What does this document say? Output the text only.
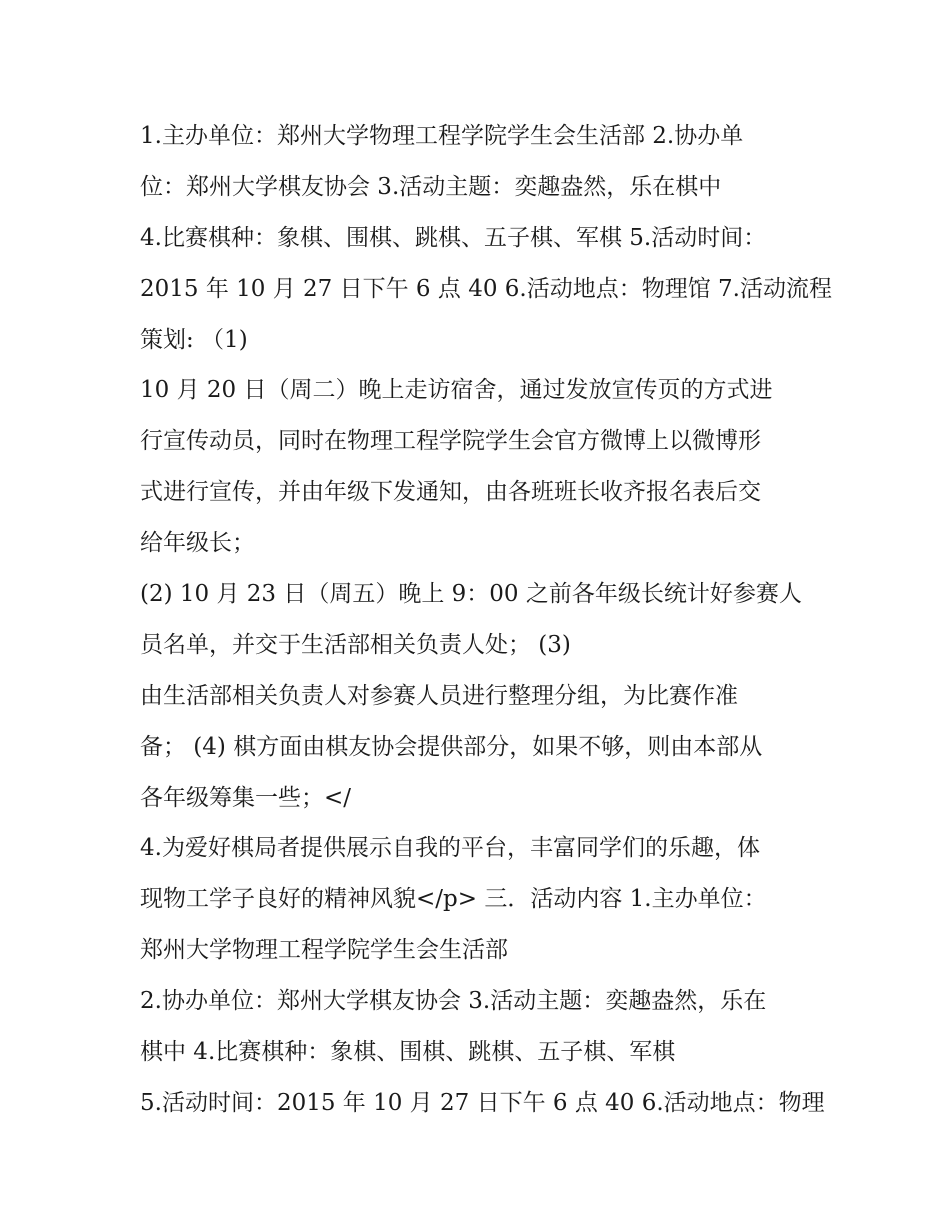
1.主办单位：郑州大学物理工程学院学生会生活部 2.协办单
位：郑州大学棋友协会 3.活动主题：奕趣盎然，乐在棋中
4.比赛棋种：象棋、围棋、跳棋、五子棋、军棋 5.活动时间：
2015 年 10 月 27 日下午 6 点 40 6.活动地点：物理馆 7.活动流程
策划: （1)
10 月 20 日（周二）晚上走访宿舍，通过发放宣传页的方式进
行宣传动员，同时在物理工程学院学生会官方微博上以微博形
式进行宣传，并由年级下发通知，由各班班长收齐报名表后交
给年级长；
(2) 10 月 23 日（周五）晚上 9：00 之前各年级长统计好参赛人
员名单，并交于生活部相关负责人处； (3)
由生活部相关负责人对参赛人员进行整理分组，为比赛作准
备； (4) 棋方面由棋友协会提供部分，如果不够，则由本部从
各年级筹集一些；</
4.为爱好棋局者提供展示自我的平台，丰富同学们的乐趣，体
现物工学子良好的精神风貌</p> 三．活动内容 1.主办单位：
郑州大学物理工程学院学生会生活部
2.协办单位：郑州大学棋友协会 3.活动主题：奕趣盎然，乐在
棋中 4.比赛棋种：象棋、围棋、跳棋、五子棋、军棋
5.活动时间：2015 年 10 月 27 日下午 6 点 40 6.活动地点：物理
